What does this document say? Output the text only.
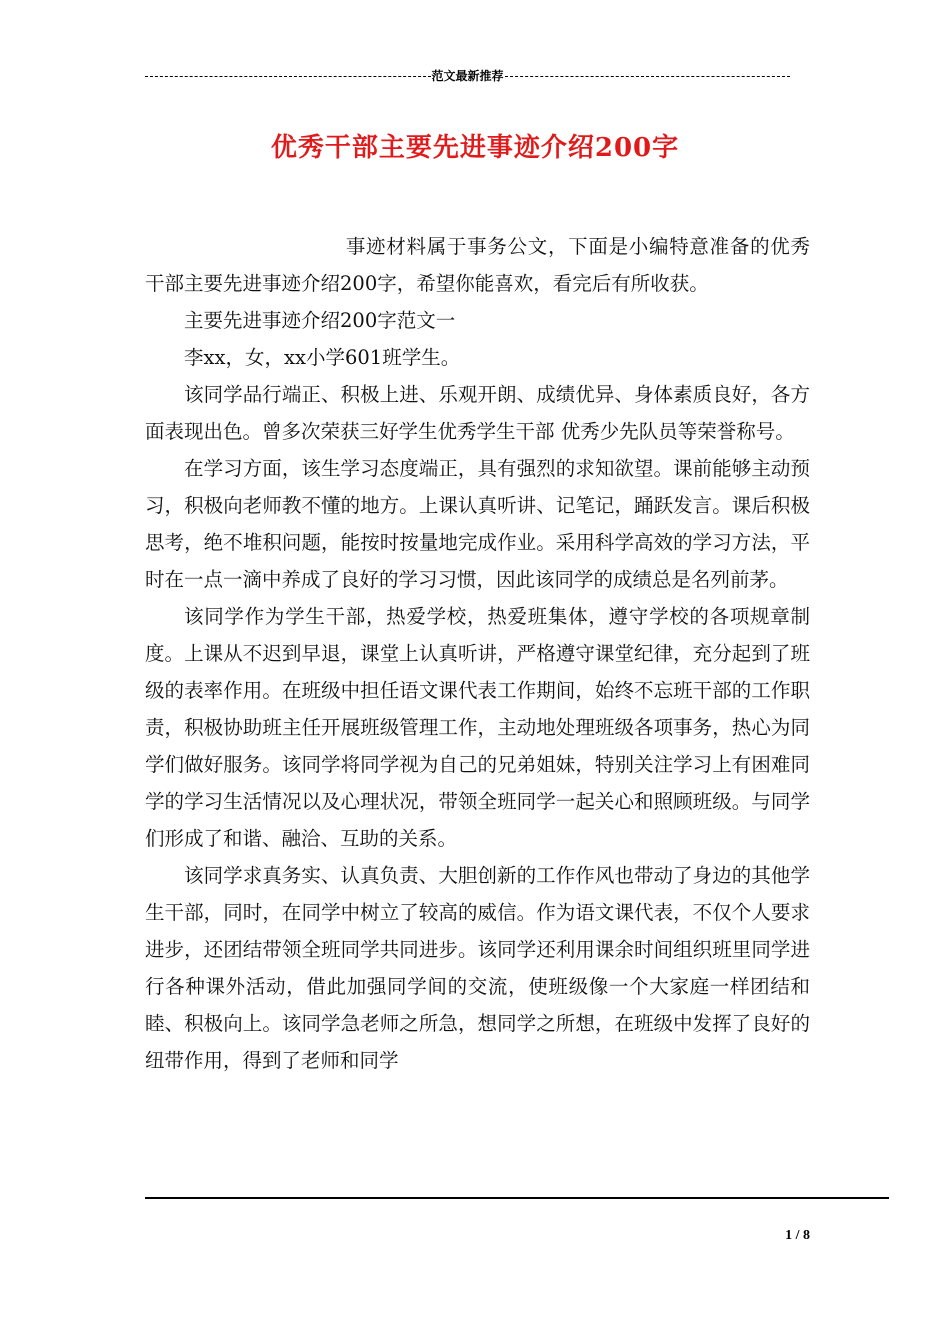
范文最新推荐
优秀干部主要先进事迹介绍200字

事迹材料属于事务公文，下面是小编特意准备的优秀干部主要先进事迹介绍200字，希望你能喜欢，看完后有所收获。

主要先进事迹介绍200字范文一

李xx，女，xx小学601班学生。

该同学品行端正、积极上进、乐观开朗、成绩优异、身体素质良好，各方面表现出色。曾多次荣获三好学生优秀学生干部 优秀少先队员等荣誉称号。

在学习方面，该生学习态度端正，具有强烈的求知欲望。课前能够主动预习，积极向老师教不懂的地方。上课认真听讲、记笔记，踊跃发言。课后积极思考，绝不堆积问题，能按时按量地完成作业。采用科学高效的学习方法，平时在一点一滴中养成了良好的学习习惯，因此该同学的成绩总是名列前茅。

该同学作为学生干部，热爱学校，热爱班集体，遵守学校的各项规章制度。上课从不迟到早退，课堂上认真听讲，严格遵守课堂纪律，充分起到了班级的表率作用。在班级中担任语文课代表工作期间，始终不忘班干部的工作职责，积极协助班主任开展班级管理工作，主动地处理班级各项事务，热心为同学们做好服务。该同学将同学视为自己的兄弟姐妹，特别关注学习上有困难同学的学习生活情况以及心理状况，带领全班同学一起关心和照顾班级。与同学们形成了和谐、融洽、互助的关系。

该同学求真务实、认真负责、大胆创新的工作作风也带动了身边的其他学生干部，同时，在同学中树立了较高的威信。作为语文课代表，不仅个人要求进步，还团结带领全班同学共同进步。该同学还利用课余时间组织班里同学进行各种课外活动，借此加强同学间的交流，使班级像一个大家庭一样团结和睦、积极向上。该同学急老师之所急，想同学之所想，在班级中发挥了良好的纽带作用，得到了老师和同学

1 / 8
